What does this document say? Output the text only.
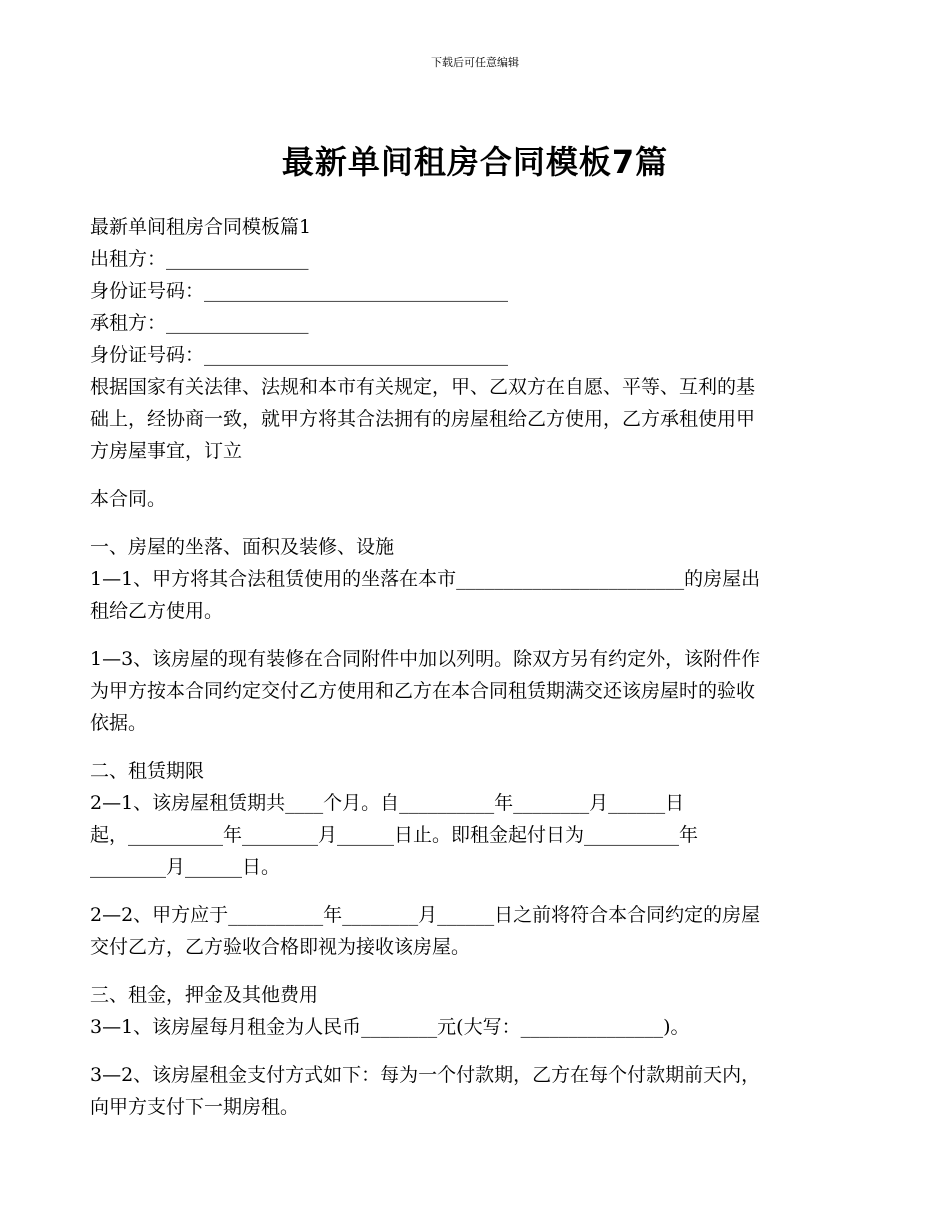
下载后可任意编辑
最新单间租房合同模板7篇
最新单间租房合同模板篇1
出租方：_______________
身份证号码：________________________________
承租方：_______________
身份证号码：________________________________
根据国家有关法律、法规和本市有关规定，甲、乙双方在自愿、平等、互利的基
础上，经协商一致，就甲方将其合法拥有的房屋租给乙方使用，乙方承租使用甲
方房屋事宜，订立
本合同。
一、房屋的坐落、面积及装修、设施
1—1、甲方将其合法租赁使用的坐落在本市________________________的房屋出
租给乙方使用。
1—3、该房屋的现有装修在合同附件中加以列明。除双方另有约定外，该附件作
为甲方按本合同约定交付乙方使用和乙方在本合同租赁期满交还该房屋时的验收
依据。
二、租赁期限
2—1、该房屋租赁期共____个月。自__________年________月______日
起，__________年________月______日止。即租金起付日为__________年
________月______日。
2—2、甲方应于__________年________月______日之前将符合本合同约定的房屋
交付乙方，乙方验收合格即视为接收该房屋。
三、租金，押金及其他费用
3—1、该房屋每月租金为人民币________元(大写：_______________)。
3—2、该房屋租金支付方式如下：每为一个付款期，乙方在每个付款期前天内，
向甲方支付下一期房租。
